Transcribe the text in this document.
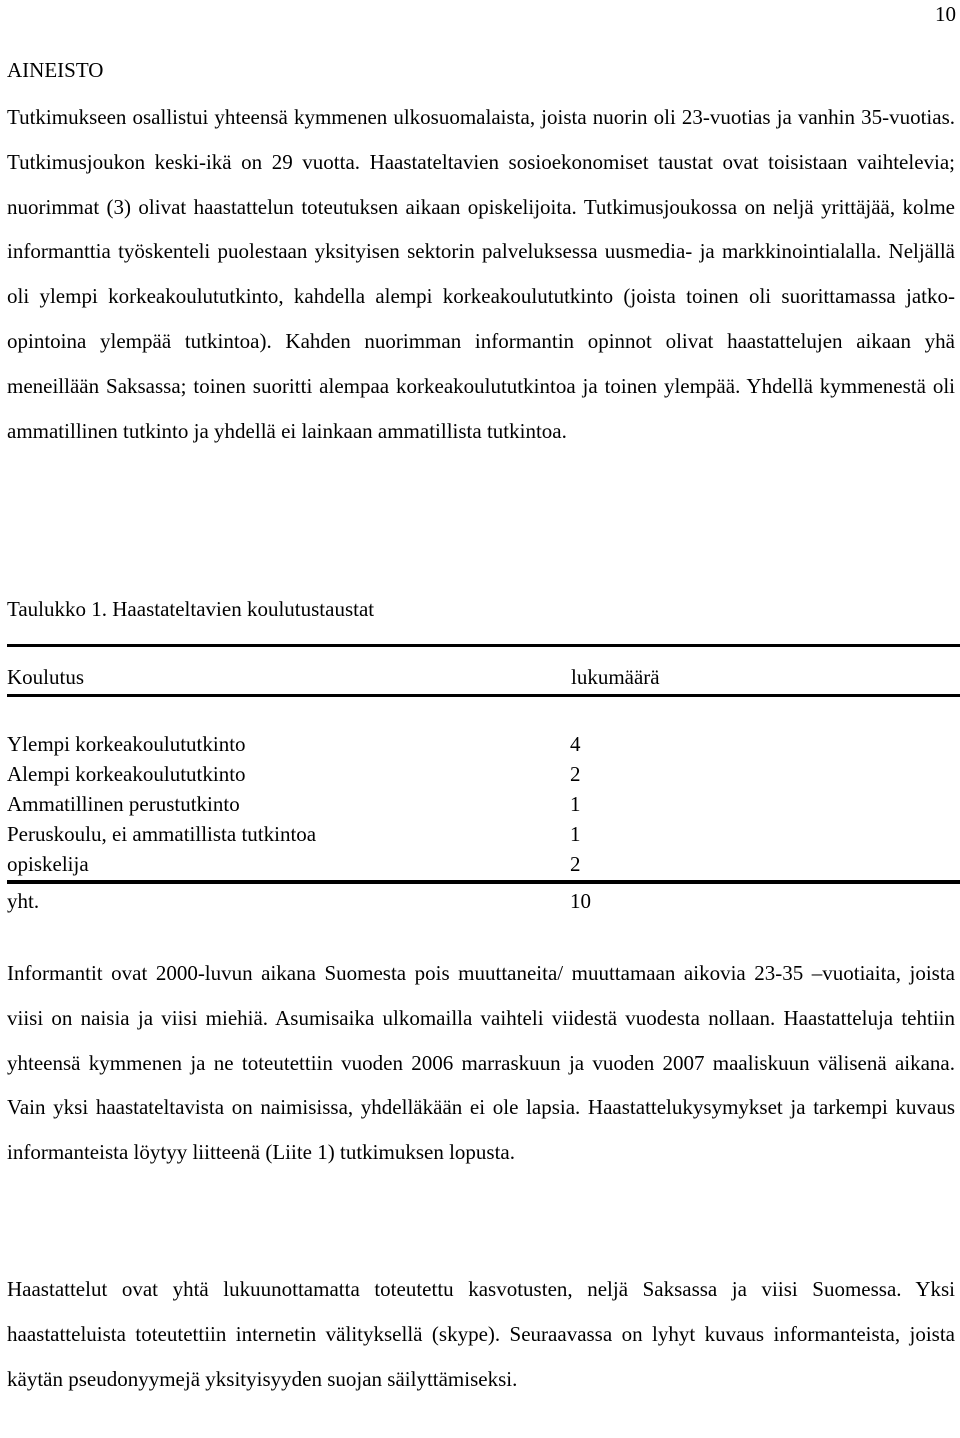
10
AINEISTO

Tutkimukseen osallistui yhteensä kymmenen ulkosuomalaista, joista nuorin oli 23-vuotias ja vanhin 35-vuotias. Tutkimusjoukon keski-ikä on 29 vuotta. Haastateltavien sosioekonomiset taustat ovat toisistaan vaihtelevia; nuorimmat (3) olivat haastattelun toteutuksen aikaan opiskelijoita. Tutkimusjoukossa on neljä yrittäjää, kolme informanttia työskenteli puolestaan yksityisen sektorin palveluksessa uusmedia- ja markkinointialalla. Neljällä oli ylempi korkeakoulututkinto, kahdella alempi korkeakoulututkinto (joista toinen oli suorittamassa jatko-opintoina ylempää tutkintoa). Kahden nuorimman informantin opinnot olivat haastattelujen aikaan yhä meneillään Saksassa; toinen suoritti alempaa korkeakoulututkintoa ja toinen ylempää. Yhdellä kymmenestä oli ammatillinen tutkinto ja yhdellä ei lainkaan ammatillista tutkintoa.

Taulukko 1. Haastateltavien koulutustaustat
Koulutus	lukumäärä
Ylempi korkeakoulututkinto	4
Alempi korkeakoulututkinto	2
Ammatillinen perustutkinto	1
Peruskoulu, ei ammatillista tutkintoa	1
opiskelija	2
yht.	10

Informantit ovat 2000-luvun aikana Suomesta pois muuttaneita/ muuttamaan aikovia 23-35 –vuotiaita, joista viisi on naisia ja viisi miehiä. Asumisaika ulkomailla vaihteli viidestä vuodesta nollaan. Haastatteluja tehtiin yhteensä kymmenen ja ne toteutettiin vuoden 2006 marraskuun ja vuoden 2007 maaliskuun välisenä aikana. Vain yksi haastateltavista on naimisissa, yhdelläkään ei ole lapsia. Haastattelukysymykset ja tarkempi kuvaus informanteista löytyy liitteenä (Liite 1) tutkimuksen lopusta.

Haastattelut ovat yhtä lukuunottamatta toteutettu kasvotusten, neljä Saksassa ja viisi Suomessa. Yksi haastatteluista toteutettiin internetin välityksellä (skype). Seuraavassa on lyhyt kuvaus informanteista, joista käytän pseudonyymejä yksityisyyden suojan säilyttämiseksi.
